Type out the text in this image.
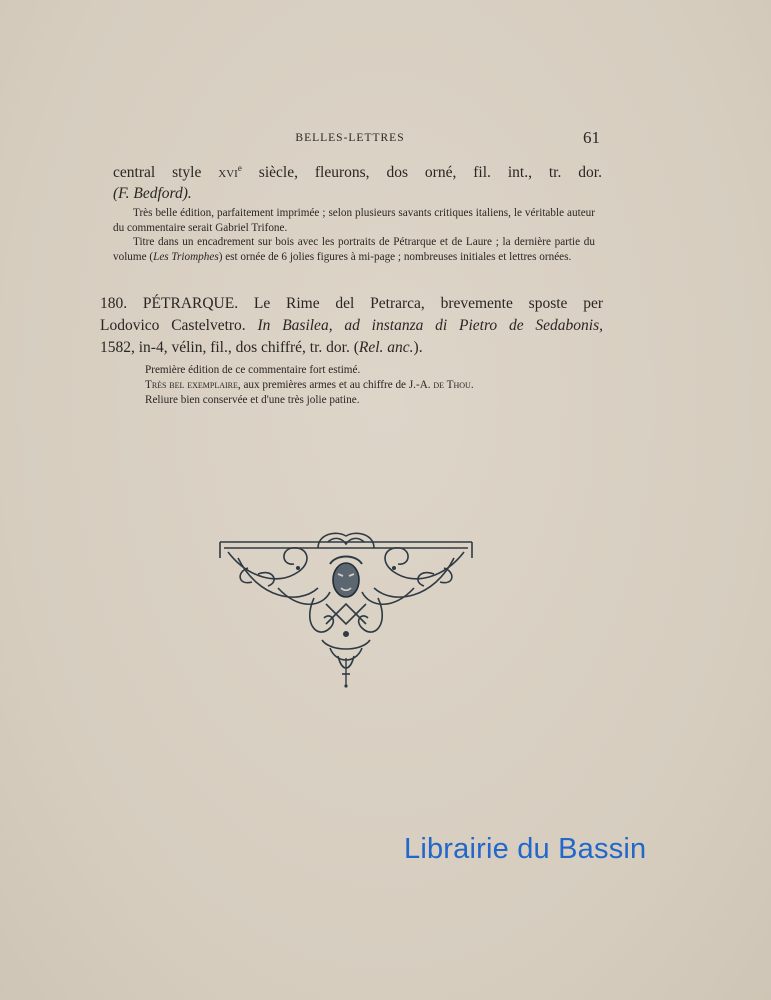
BELLES-LETTRES	61
central style xvi$^e$ siècle, fleurons, dos orné, fil. int., tr. dor.
(F. Bedford).

Très belle édition, parfaitement imprimée ; selon plusieurs savants critiques italiens, le véritable auteur du commentaire serait Gabriel Trifone.

Titre dans un encadrement sur bois avec les portraits de Pétrarque et de Laure ; la dernière partie du volume (Les Triomphes) est ornée de 6 jolies figures à mi-page ; nombreuses initiales et lettres ornées.

180. PÉTRARQUE. Le Rime del Petrarca, brevemente sposte per
Lodovico Castelvetro. In Basilea, ad instanza di Pietro de Sedabonis,
1582, in-4, vélin, fil., dos chiffré, tr. dor. (Rel. anc.).

Première édition de ce commentaire fort estimé.

Très bel exemplaire, aux premières armes et au chiffre de J.-A. de Thou.

Reliure bien conservée et d'une très jolie patine.

Librairie du Bassin
